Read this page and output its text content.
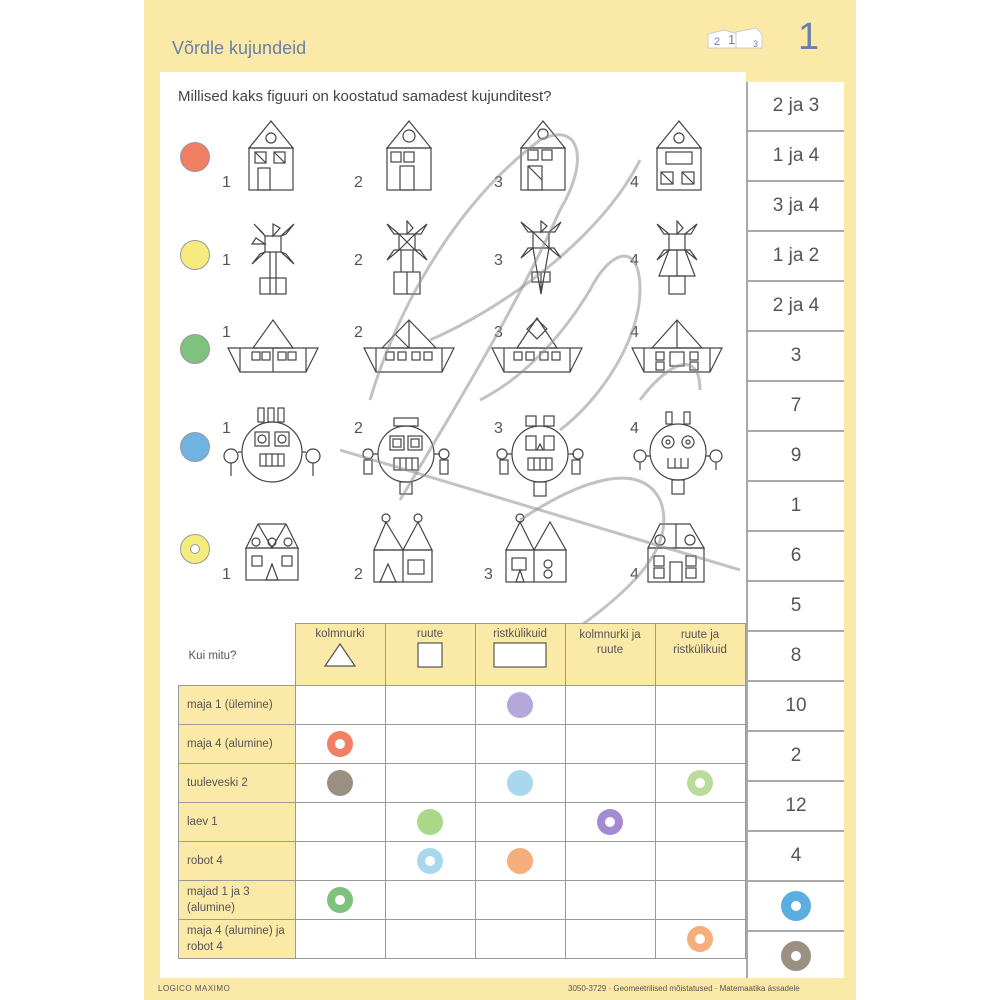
Võrdle kujundeid	2 1 3 1
Millised kaks figuuri on koostatud samadest kujunditest?
1	2	3	4
1	2	3	4
1	2	3	4
1	2	3	4
1	2	3	4
2 ja 3
1 ja 4
3 ja 4
1 ja 2
2 ja 4
3
7
9
1
6
5
8
10
2
12
4
Kui mitu?	kolmnurki	ruute	ristkülikuid	kolmnurki ja ruute	ruute ja ristkülikuid

maja 1 (ülemine)					
maja 4 (alumine)					
tuuleveski 2					
laev 1					
robot 4					
majad 1 ja 3 (alumine)					
maja 4 (alumine) ja robot 4					
LOGICO MAXIMO	3050-3729 · Geomeetrilised mõistatused · Matemaatika ässadele
